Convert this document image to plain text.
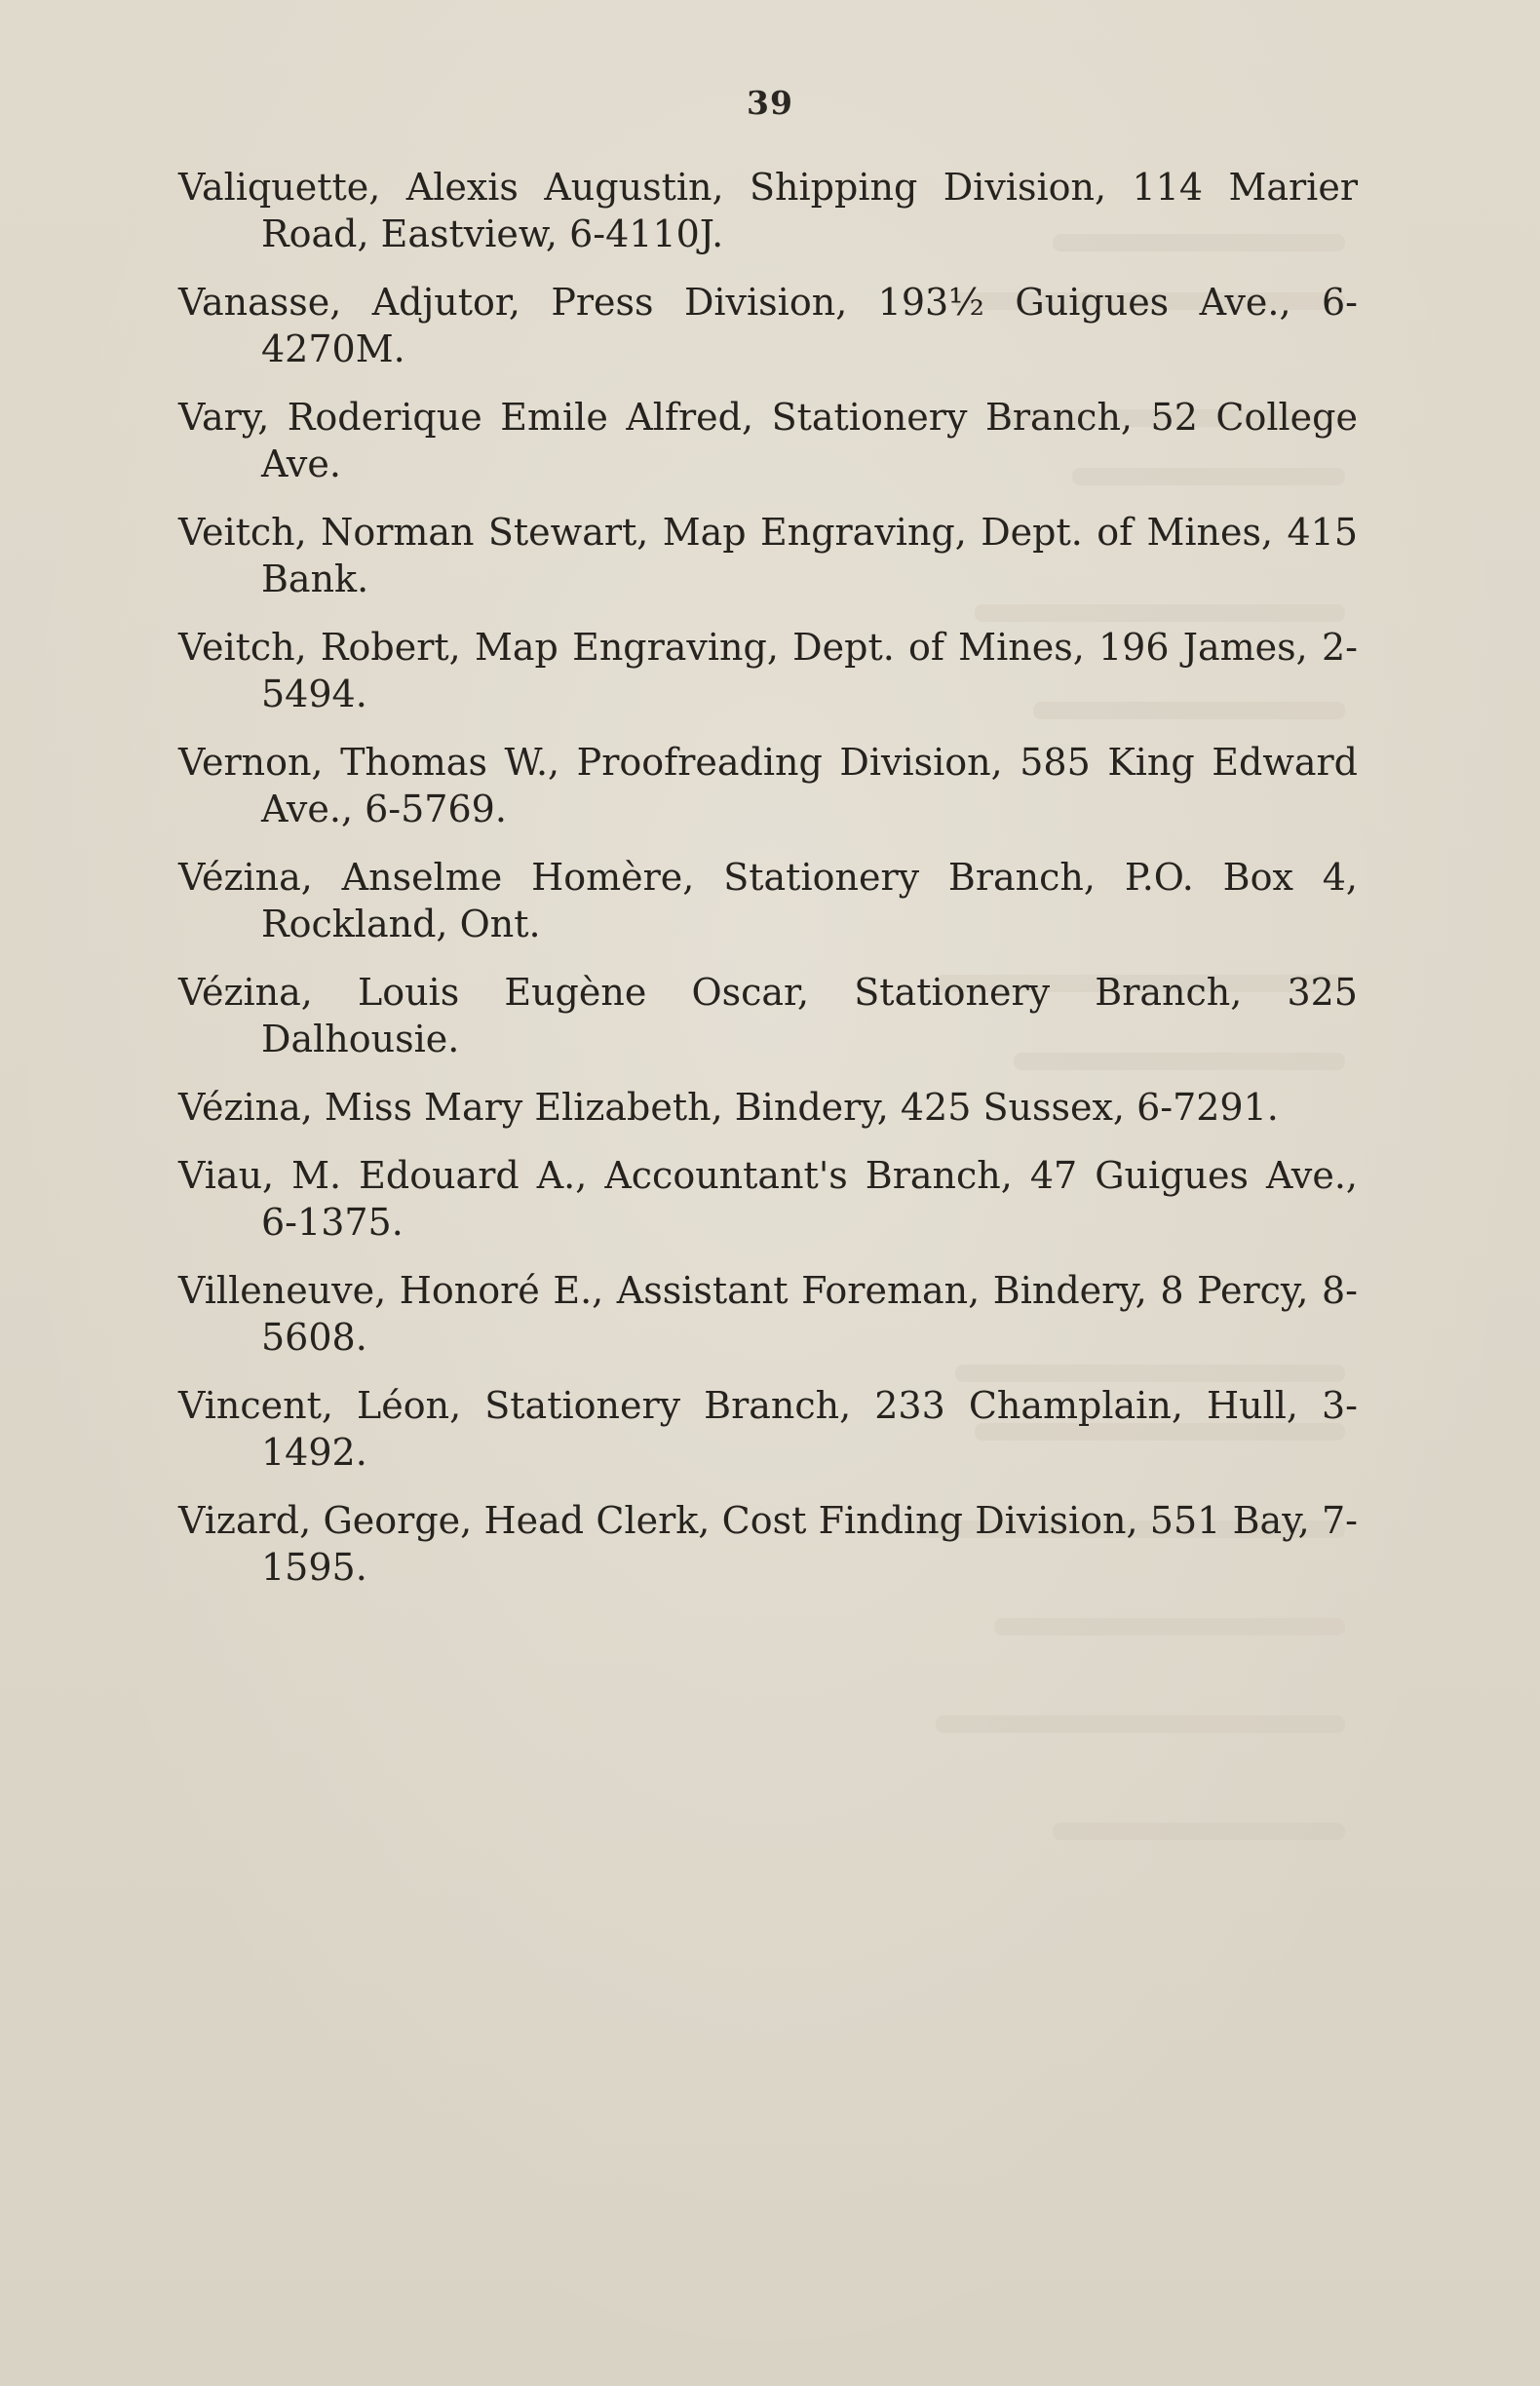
39

Valiquette, Alexis Augustin, Shipping Division, 114 Marier Road, Eastview, 6-4110J.

Vanasse, Adjutor, Press Division, 193½ Guigues Ave., 6-4270M.

Vary, Roderique Emile Alfred, Stationery Branch, 52 College Ave.

Veitch, Norman Stewart, Map Engraving, Dept. of Mines, 415 Bank.

Veitch, Robert, Map Engraving, Dept. of Mines, 196 James, 2-5494.

Vernon, Thomas W., Proofreading Division, 585 King Edward Ave., 6-5769.

Vézina, Anselme Homère, Stationery Branch, P.O. Box 4, Rockland, Ont.

Vézina, Louis Eugène Oscar, Stationery Branch, 325 Dalhousie.

Vézina, Miss Mary Elizabeth, Bindery, 425 Sussex, 6-7291.

Viau, M. Edouard A., Accountant's Branch, 47 Guigues Ave., 6-1375.

Villeneuve, Honoré E., Assistant Foreman, Bindery, 8 Percy, 8-5608.

Vincent, Léon, Stationery Branch, 233 Champlain, Hull, 3-1492.

Vizard, George, Head Clerk, Cost Finding Division, 551 Bay, 7-1595.
